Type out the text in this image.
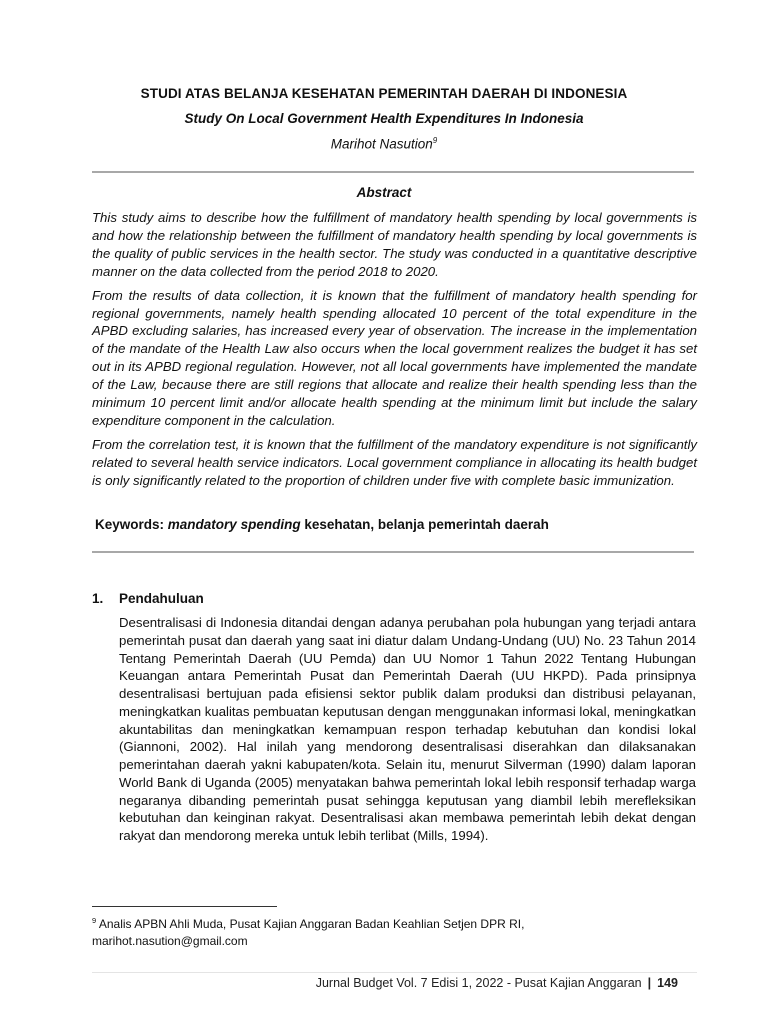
STUDI ATAS BELANJA KESEHATAN PEMERINTAH DAERAH DI INDONESIA
Study On Local Government Health Expenditures In Indonesia
Marihot Nasution$^9$
Abstract

This study aims to describe how the fulfillment of mandatory health spending by local governments is and how the relationship between the fulfillment of mandatory health spending by local governments is the quality of public services in the health sector. The study was conducted in a quantitative descriptive manner on the data collected from the period 2018 to 2020.

From the results of data collection, it is known that the fulfillment of mandatory health spending for regional governments, namely health spending allocated 10 percent of the total expenditure in the APBD excluding salaries, has increased every year of observation. The increase in the implementation of the mandate of the Health Law also occurs when the local government realizes the budget it has set out in its APBD regional regulation. However, not all local governments have implemented the mandate of the Law, because there are still regions that allocate and realize their health spending less than the minimum 10 percent limit and/or allocate health spending at the minimum limit but include the salary expenditure component in the calculation.

From the correlation test, it is known that the fulfillment of the mandatory expenditure is not significantly related to several health service indicators. Local government compliance in allocating its health budget is only significantly related to the proportion of children under five with complete basic immunization.

Keywords: mandatory spending kesehatan, belanja pemerintah daerah
1. Pendahuluan

Desentralisasi di Indonesia ditandai dengan adanya perubahan pola hubungan yang terjadi antara pemerintah pusat dan daerah yang saat ini diatur dalam Undang-Undang (UU) No. 23 Tahun 2014 Tentang Pemerintah Daerah (UU Pemda) dan UU Nomor 1 Tahun 2022 Tentang Hubungan Keuangan antara Pemerintah Pusat dan Pemerintah Daerah (UU HKPD). Pada prinsipnya desentralisasi bertujuan pada efisiensi sektor publik dalam produksi dan distribusi pelayanan, meningkatkan kualitas pembuatan keputusan dengan menggunakan informasi lokal, meningkatkan akuntabilitas dan meningkatkan kemampuan respon terhadap kebutuhan dan kondisi lokal (Giannoni, 2002). Hal inilah yang mendorong desentralisasi diserahkan dan dilaksanakan pemerintahan daerah yakni kabupaten/kota. Selain itu, menurut Silverman (1990) dalam laporan World Bank di Uganda (2005) menyatakan bahwa pemerintah lokal lebih responsif terhadap warga negaranya dibanding pemerintah pusat sehingga keputusan yang diambil lebih merefleksikan kebutuhan dan keinginan rakyat. Desentralisasi akan membawa pemerintah lebih dekat dengan rakyat dan mendorong mereka untuk lebih terlibat (Mills, 1994).

$^9$ Analis APBN Ahli Muda, Pusat Kajian Anggaran Badan Keahlian Setjen DPR RI,
marihot.nasution@gmail.com
Jurnal Budget Vol. 7 Edisi 1, 2022 - Pusat Kajian Anggaran | 149
